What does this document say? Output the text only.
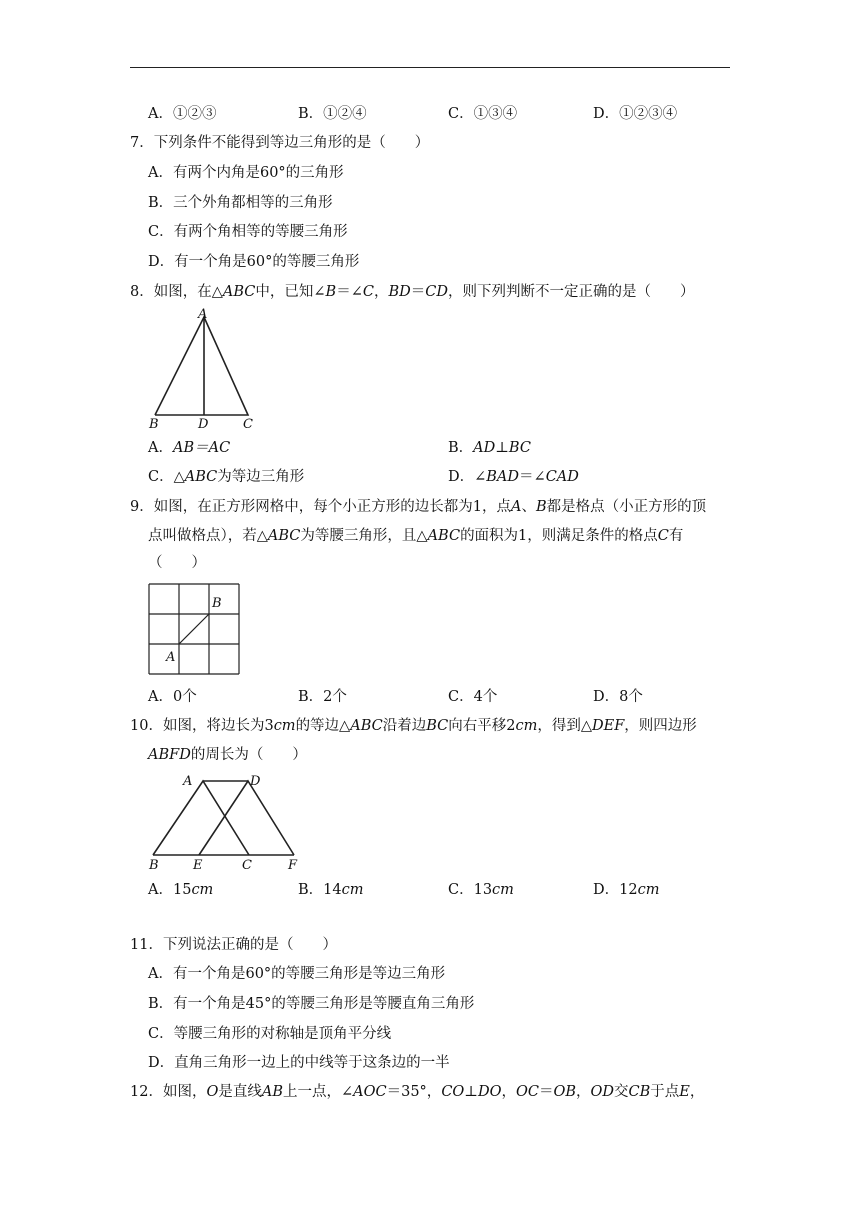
A．①②③	B．①②④	C．①③④	D．①②③④
7．下列条件不能得到等边三角形的是（　　）
A．有两个内角是60°的三角形
B．三个外角都相等的三角形
C．有两个角相等的等腰三角形
D．有一个角是60°的等腰三角形
8．如图，在△ABC中，已知∠B＝∠C，BD＝CD，则下列判断不一定正确的是（　　）
A
B	D	C
A．AB＝AC	B．AD⊥BC
C．△ABC为等边三角形	D．∠BAD＝∠CAD
9．如图，在正方形网格中，每个小正方形的边长都为1，点A、B都是格点（小正方形的顶
点叫做格点），若△ABC为等腰三角形，且△ABC的面积为1，则满足条件的格点C有
（　　）
B
A
A．0个	B．2个	C．4个	D．8个
10．如图，将边长为3cm的等边△ABC沿着边BC向右平移2cm，得到△DEF，则四边形
ABFD的周长为（　　）
A	D
B	E	C	F
A．15cm	B．14cm	C．13cm	D．12cm
11．下列说法正确的是（　　）
A．有一个角是60°的等腰三角形是等边三角形
B．有一个角是45°的等腰三角形是等腰直角三角形
C．等腰三角形的对称轴是顶角平分线
D．直角三角形一边上的中线等于这条边的一半
12．如图，O是直线AB上一点，∠AOC＝35°，CO⊥DO，OC＝OB，OD交CB于点E，
